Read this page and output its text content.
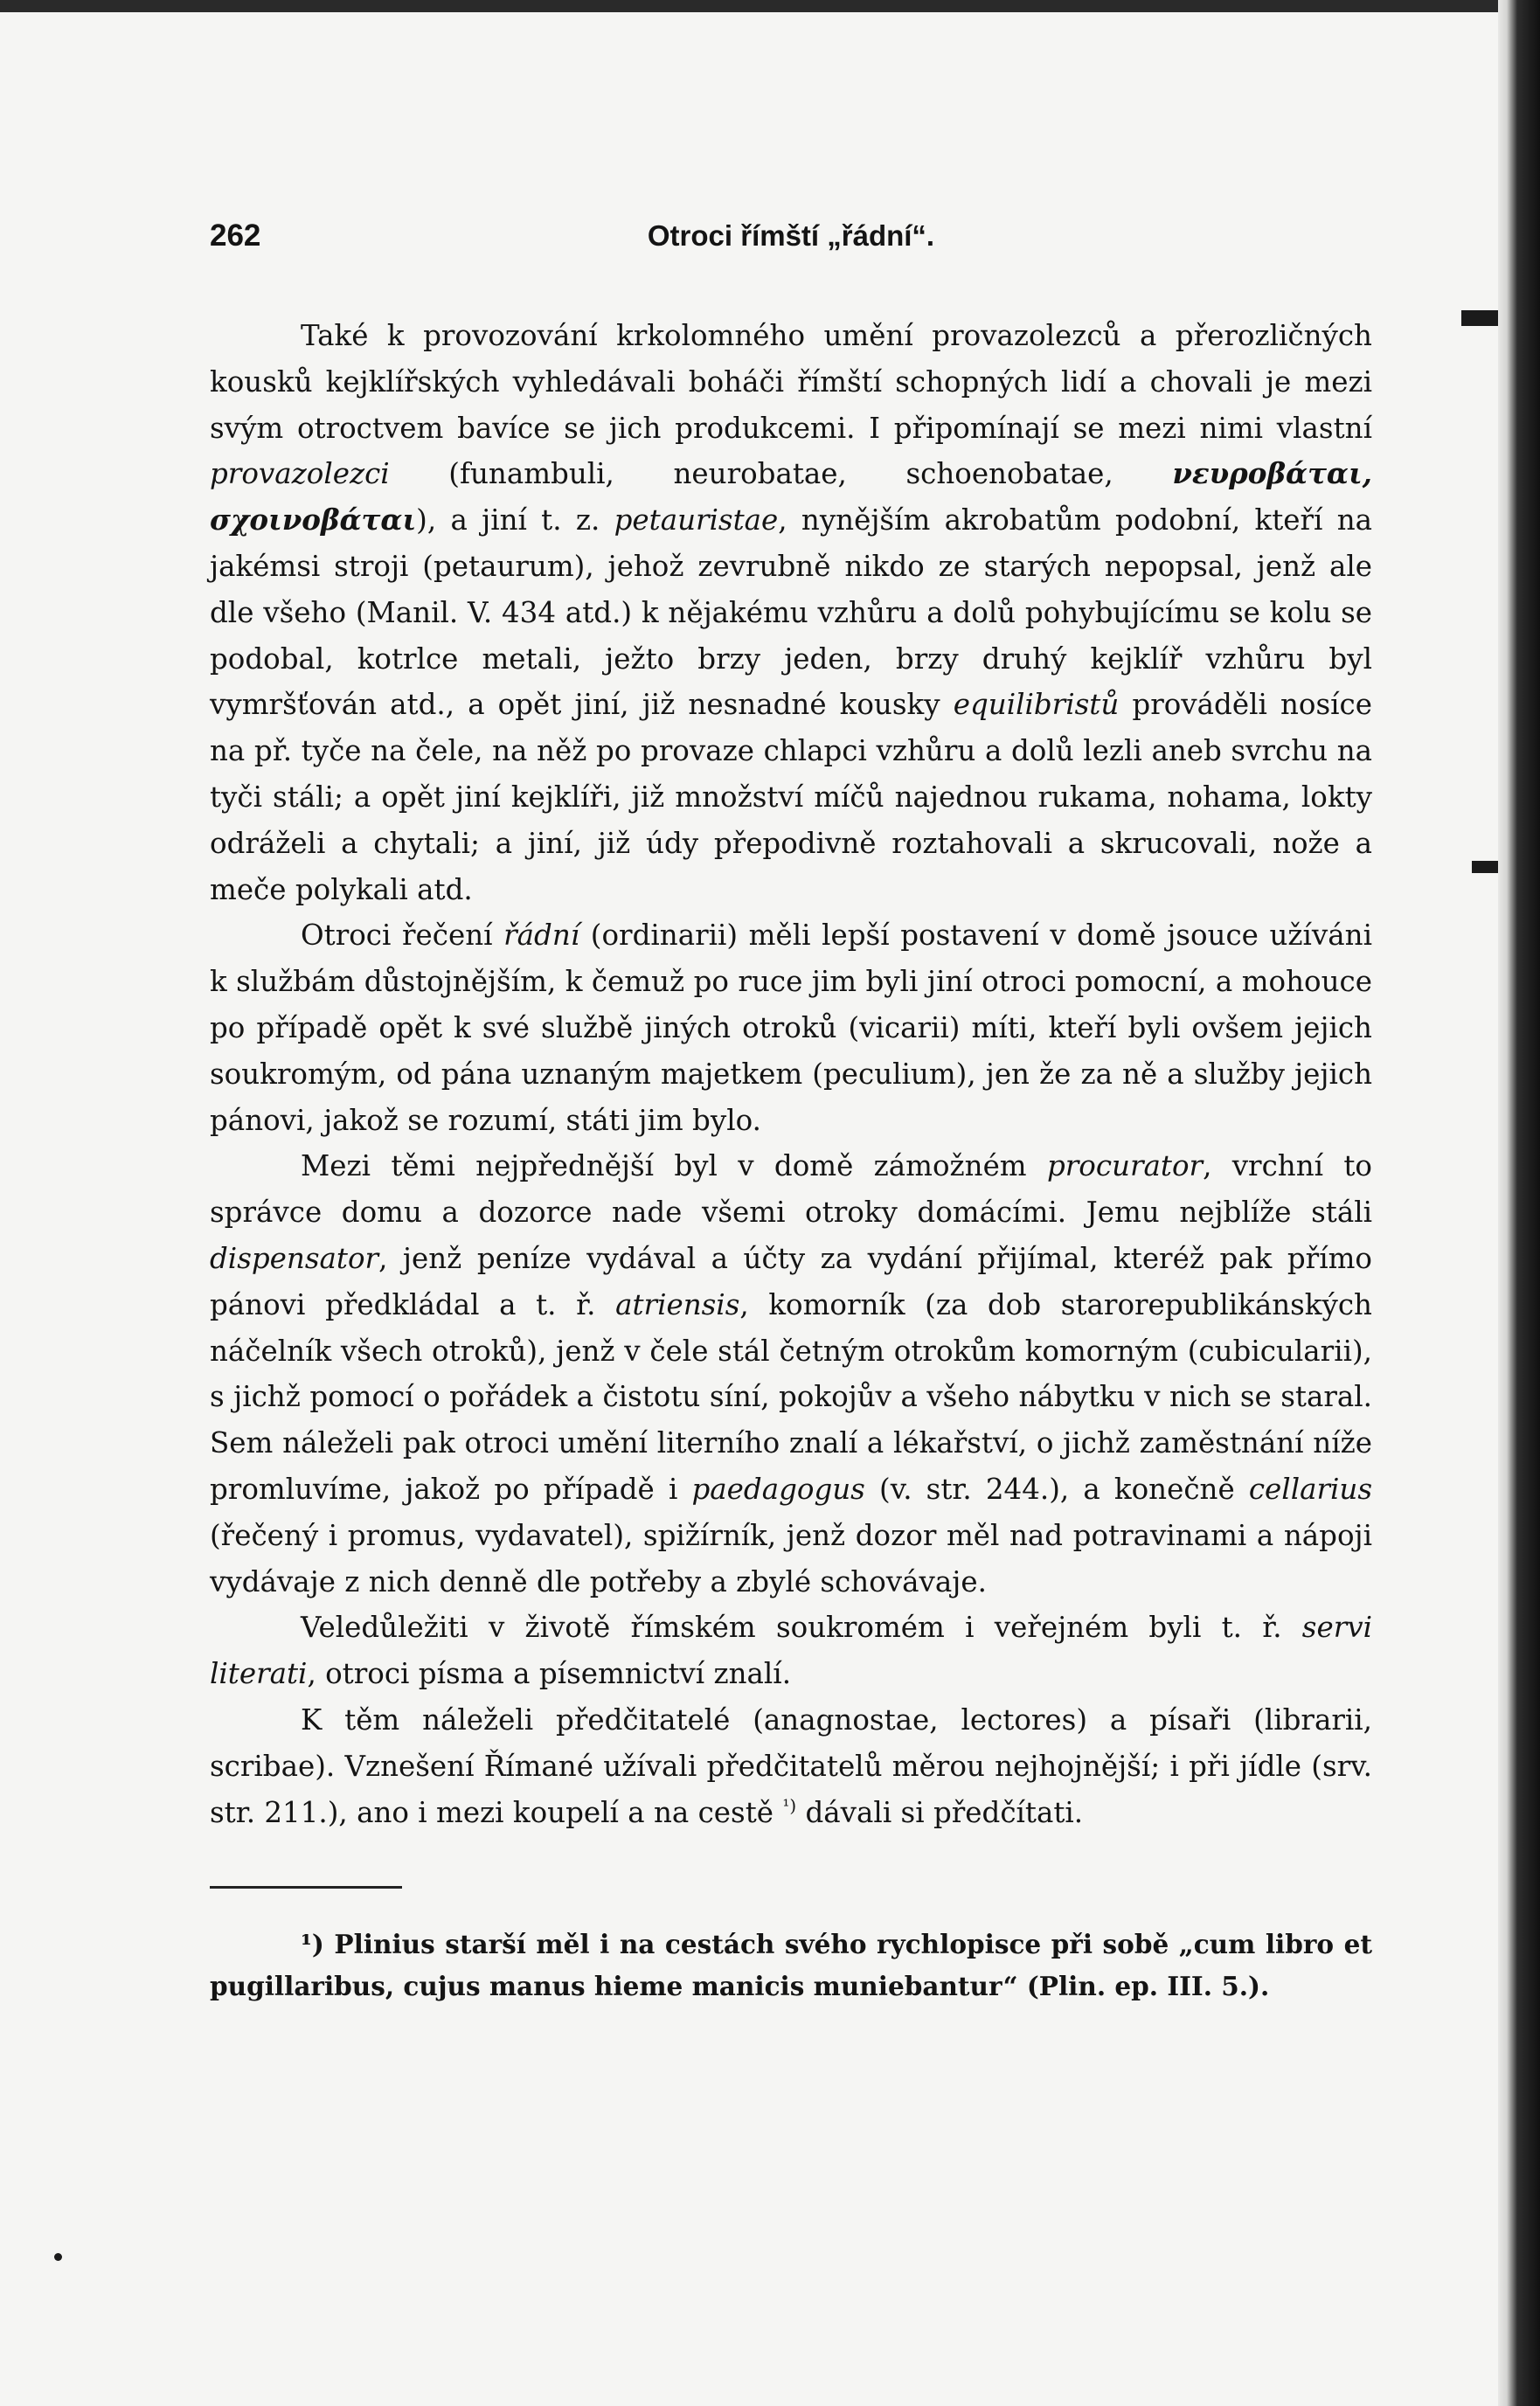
262	Otroci římští „řádní“.

Také k provozování krkolomného umění provazolezců a přerozličných kousků kejklířských vyhledávali boháči římští schopných lidí a chovali je mezi svým otroctvem bavíce se jich produkcemi. I připomínají se mezi nimi vlastní provazolezci (funambuli, neurobatae, schoenobatae, νευροβάται, σχοινοβάται), a jiní t. z. petauristae, nynějším akrobatům podobní, kteří na jakémsi stroji (petaurum), jehož zevrubně nikdo ze starých nepopsal, jenž ale dle všeho (Manil. V. 434 atd.) k nějakému vzhůru a dolů pohybujícímu se kolu se podobal, kotrlce metali, ježto brzy jeden, brzy druhý kejklíř vzhůru byl vymršťován atd., a opět jiní, již nesnadné kousky equilibristů prováděli nosíce na př. tyče na čele, na něž po provaze chlapci vzhůru a dolů lezli aneb svrchu na tyči stáli; a opět jiní kejklíři, již množství míčů najednou rukama, nohama, lokty odráželi a chytali; a jiní, již údy přepodivně roztahovali a skrucovali, nože a meče polykali atd.

Otroci řečení řádní (ordinarii) měli lepší postavení v domě jsouce užíváni k službám důstojnějším, k čemuž po ruce jim byli jiní otroci pomocní, a mohouce po případě opět k své službě jiných otroků (vicarii) míti, kteří byli ovšem jejich soukromým, od pána uznaným majetkem (peculium), jen že za ně a služby jejich pánovi, jakož se rozumí, státi jim bylo.

Mezi těmi nejpřednější byl v domě zámožném procurator, vrchní to správce domu a dozorce nade všemi otroky domácími. Jemu nejblíže stáli dispensator, jenž peníze vydával a účty za vydání přijímal, kteréž pak přímo pánovi předkládal a t. ř. atriensis, komorník (za dob starorepublikánských náčelník všech otroků), jenž v čele stál četným otrokům komorným (cubicularii), s jichž pomocí o pořádek a čistotu síní, pokojův a všeho nábytku v nich se staral. Sem náleželi pak otroci umění literního znalí a lékařství, o jichž zaměstnání níže promluvíme, jakož po případě i paedagogus (v. str. 244.), a konečně cellarius (řečený i promus, vydavatel), spižírník, jenž dozor měl nad potravinami a nápoji vydávaje z nich denně dle potřeby a zbylé schovávaje.

Veledůležiti v životě římském soukromém i veřejném byli t. ř. servi literati, otroci písma a písemnictví znalí.

K těm náleželi předčitatelé (anagnostae, lectores) a písaři (librarii, scribae). Vznešení Římané užívali předčitatelů měrou nejhojnější; i při jídle (srv. str. 211.), ano i mezi koupelí a na cestě $^{^1)}$ dávali si předčítati.

¹) Plinius starší měl i na cestách svého rychlopisce při sobě „cum libro et pugillaribus, cujus manus hieme manicis muniebantur“ (Plin. ep. III. 5.).
